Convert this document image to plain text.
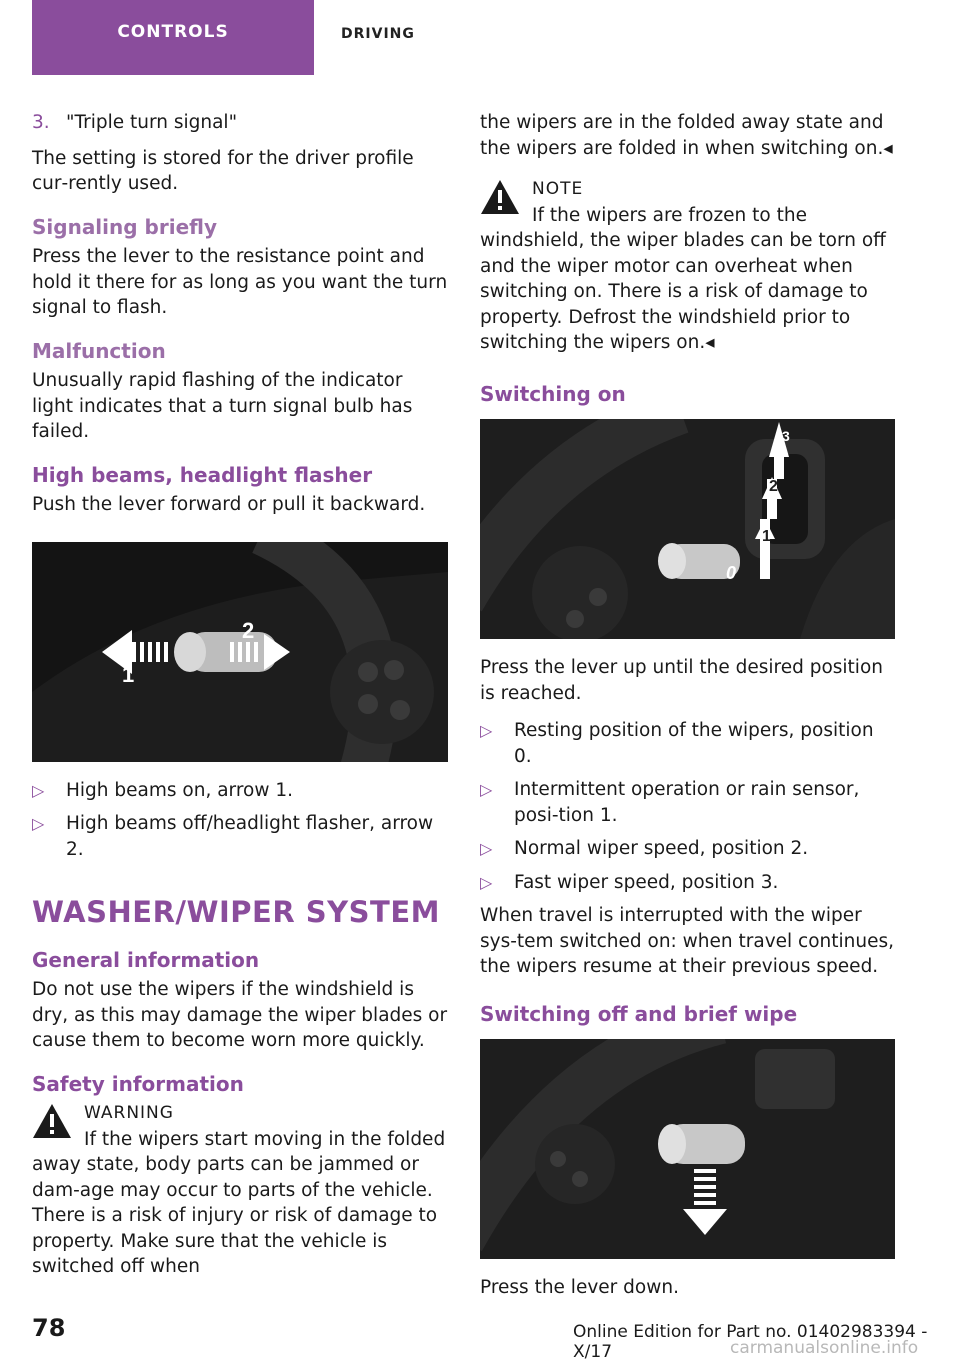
CONTROLS	DRIVING
3. "Triple turn signal"

The setting is stored for the driver profile cur‑rently used.

Signaling briefly

Press the lever to the resistance point and hold it there for as long as you want the turn signal to flash.

Malfunction

Unusually rapid flashing of the indicator light indicates that a turn signal bulb has failed.

High beams, headlight flasher

Push the lever forward or pull it backward.

1
2
▷	High beams on, arrow 1.
▷	High beams off/headlight flasher, arrow 2.
WASHER/WIPER SYSTEM
General information

Do not use the wipers if the windshield is dry, as this may damage the wiper blades or cause them to become worn more quickly.

Safety information
WARNING
If the wipers start moving in the folded away state, body parts can be jammed or dam‑age may occur to parts of the vehicle. There is a risk of injury or risk of damage to property. Make sure that the vehicle is switched off when

the wipers are in the folded away state and the wipers are folded in when switching on.◂

NOTE
If the wipers are frozen to the windshield, the wiper blades can be torn off and the wiper motor can overheat when switching on. There is a risk of damage to property. Defrost the windshield prior to switching the wipers on.◂
Switching on
0
1
2
3

Press the lever up until the desired position is reached.

▷	Resting position of the wipers, position 0.
▷	Intermittent operation or rain sensor, posi‑tion 1.
▷	Normal wiper speed, position 2.
▷	Fast wiper speed, position 3.

When travel is interrupted with the wiper sys‑tem switched on: when travel continues, the wipers resume at their previous speed.

Switching off and brief wipe

Press the lever down.

78	Online Edition for Part no. 01402983394 - X/17	carmanualsonline.info
